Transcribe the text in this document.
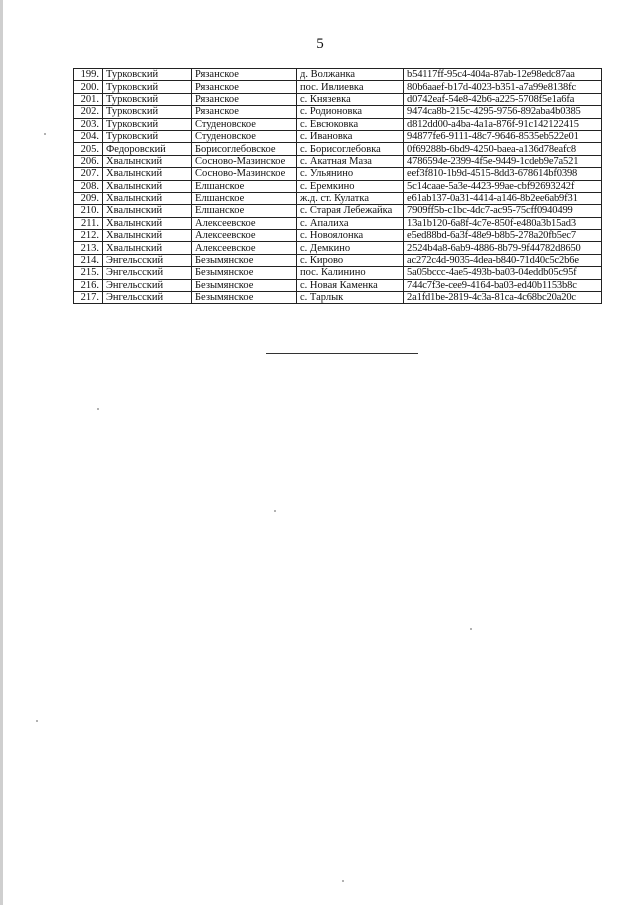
5
199.	Турковский	Рязанское	д. Волжанка	b54117ff-95c4-404a-87ab-12e98edc87aa
200.	Турковский	Рязанское	пос. Ивлиевка	80b6aaef-b17d-4023-b351-a7a99e8138fc
201.	Турковский	Рязанское	с. Князевка	d0742eaf-54e8-42b6-a225-5708f5e1a6fa
202.	Турковский	Рязанское	с. Родионовка	9474ca8b-215c-4295-9756-892aba4b0385
203.	Турковский	Студеновское	с. Евсюковка	d812dd00-a4ba-4a1a-876f-91c142122415
204.	Турковский	Студеновское	с. Ивановка	94877fe6-9111-48c7-9646-8535eb522e01
205.	Федоровский	Борисоглебовское	с. Борисоглебовка	0f69288b-6bd9-4250-baea-a136d78eafc8
206.	Хвалынский	Сосново-Мазинское	с. Акатная Маза	4786594e-2399-4f5e-9449-1cdeb9e7a521
207.	Хвалынский	Сосново-Мазинское	с. Ульянино	eef3f810-1b9d-4515-8dd3-678614bf0398
208.	Хвалынский	Елшанское	с. Еремкино	5c14caae-5a3e-4423-99ae-cbf92693242f
209.	Хвалынский	Елшанское	ж.д. ст. Кулатка	e61ab137-0a31-4414-a146-8b2ee6ab9f31
210.	Хвалынский	Елшанское	с. Старая Лебежайка	7909ff5b-c1bc-4dc7-ac95-75cff0940499
211.	Хвалынский	Алексеевское	с. Апалиха	13a1b120-6a8f-4c7e-850f-e480a3b15ad3
212.	Хвалынский	Алексеевское	с. Новоялонка	e5ed88bd-6a3f-48e9-b8b5-278a20fb5ec7
213.	Хвалынский	Алексеевское	с. Демкино	2524b4a8-6ab9-4886-8b79-9f44782d8650
214.	Энгельсский	Безымянское	с. Кирово	ac272c4d-9035-4dea-b840-71d40c5c2b6e
215.	Энгельсский	Безымянское	пос. Калинино	5a05bccc-4ae5-493b-ba03-04eddb05c95f
216.	Энгельсский	Безымянское	с. Новая Каменка	744c7f3e-cee9-4164-ba03-ed40b1153b8c
217.	Энгельсский	Безымянское	с. Тарлык	2a1fd1be-2819-4c3a-81ca-4c68bc20a20c
